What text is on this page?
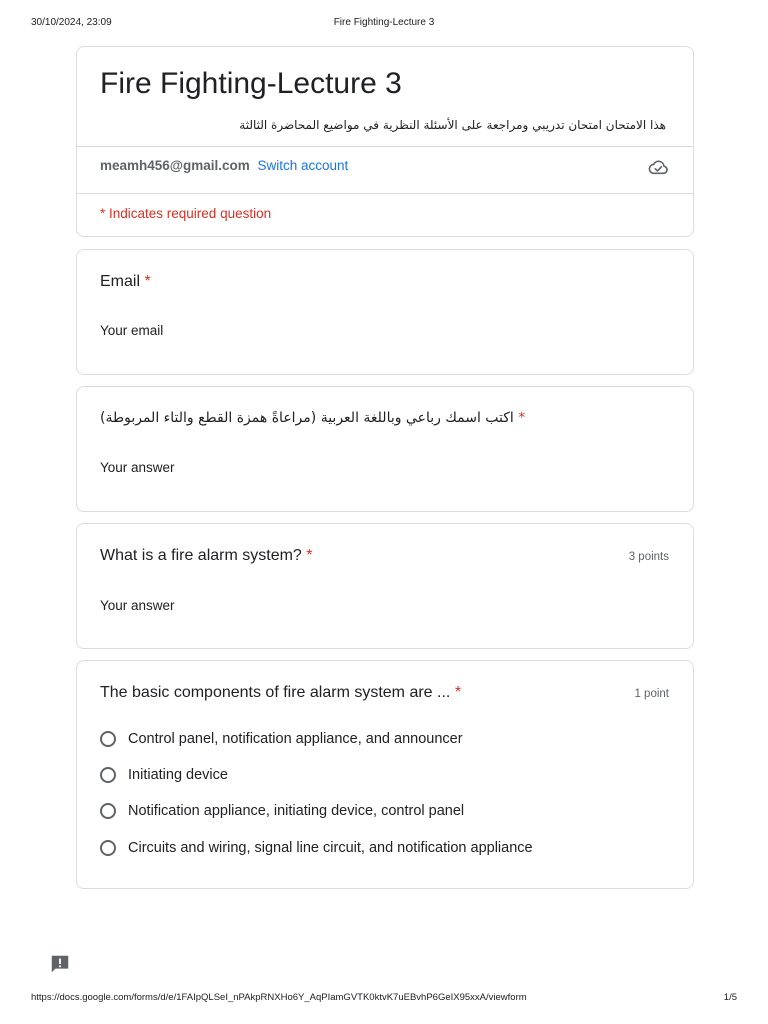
30/10/2024, 23:09	Fire Fighting-Lecture 3
Fire Fighting-Lecture 3
هذا الامتحان امتحان تدريبي ومراجعة على الأسئلة النظرية في مواضيع المحاضرة الثالثة
meamh456@gmail.com Switch account
* Indicates required question
Email *
Your email
* اكتب اسمك رباعي وباللغة العربية (مراعاةً همزة القطع والتاء المربوطة)
Your answer
What is a fire alarm system? *	3 points
Your answer
The basic components of fire alarm system are ... *	1 point
Control panel, notification appliance, and announcer
Initiating device
Notification appliance, initiating device, control panel
Circuits and wiring, signal line circuit, and notification appliance
https://docs.google.com/forms/d/e/1FAIpQLSeI_nPAkpRNXHo6Y_AqPIamGVTK0ktvK7uEBvhP6GeIX95xxA/viewform	1/5
